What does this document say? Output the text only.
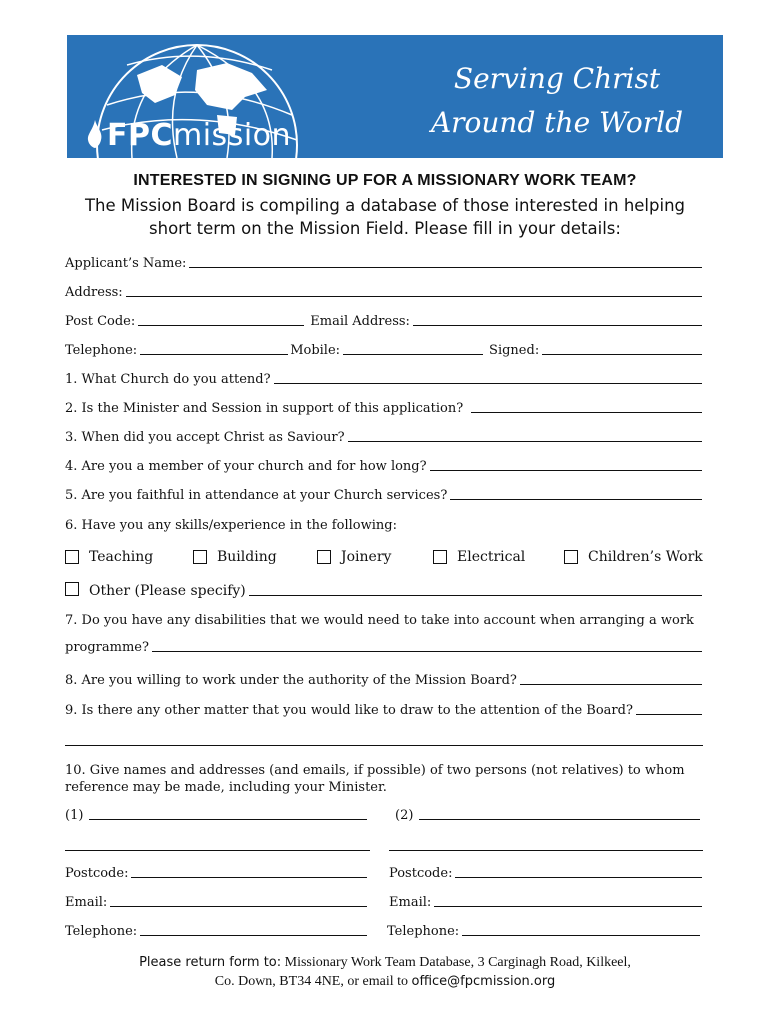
FPCmission
Serving Christ
Around the World
INTERESTED IN SIGNING UP FOR A MISSIONARY WORK TEAM?
The Mission Board is compiling a database of those interested in helping short term on the Mission Field. Please fill in your details:
Applicant’s Name:
Address:
Post Code:	Email Address:
Telephone:	Mobile:	Signed:
1. What Church do you attend?
2. Is the Minister and Session in support of this application?
3. When did you accept Christ as Saviour?
4. Are you a member of your church and for how long?
5. Are you faithful in attendance at your Church services?
6. Have you any skills/experience in the following:
Teaching	Building	Joinery	Electrical	Children’s Work
Other (Please specify)
7. Do you have any disabilities that we would need to take into account when arranging a work
programme?
8. Are you willing to work under the authority of the Mission Board?
9. Is there any other matter that you would like to draw to the attention of the Board?
10. Give names and addresses (and emails, if possible) of two persons (not relatives) to whom reference may be made, including your Minister.
(1)	(2)
Postcode:	Postcode:
Email:	Email:
Telephone:	Telephone:
Please return form to: Missionary Work Team Database, 3 Carginagh Road, Kilkeel,
Co. Down, BT34 4NE, or email to office@fpcmission.org
